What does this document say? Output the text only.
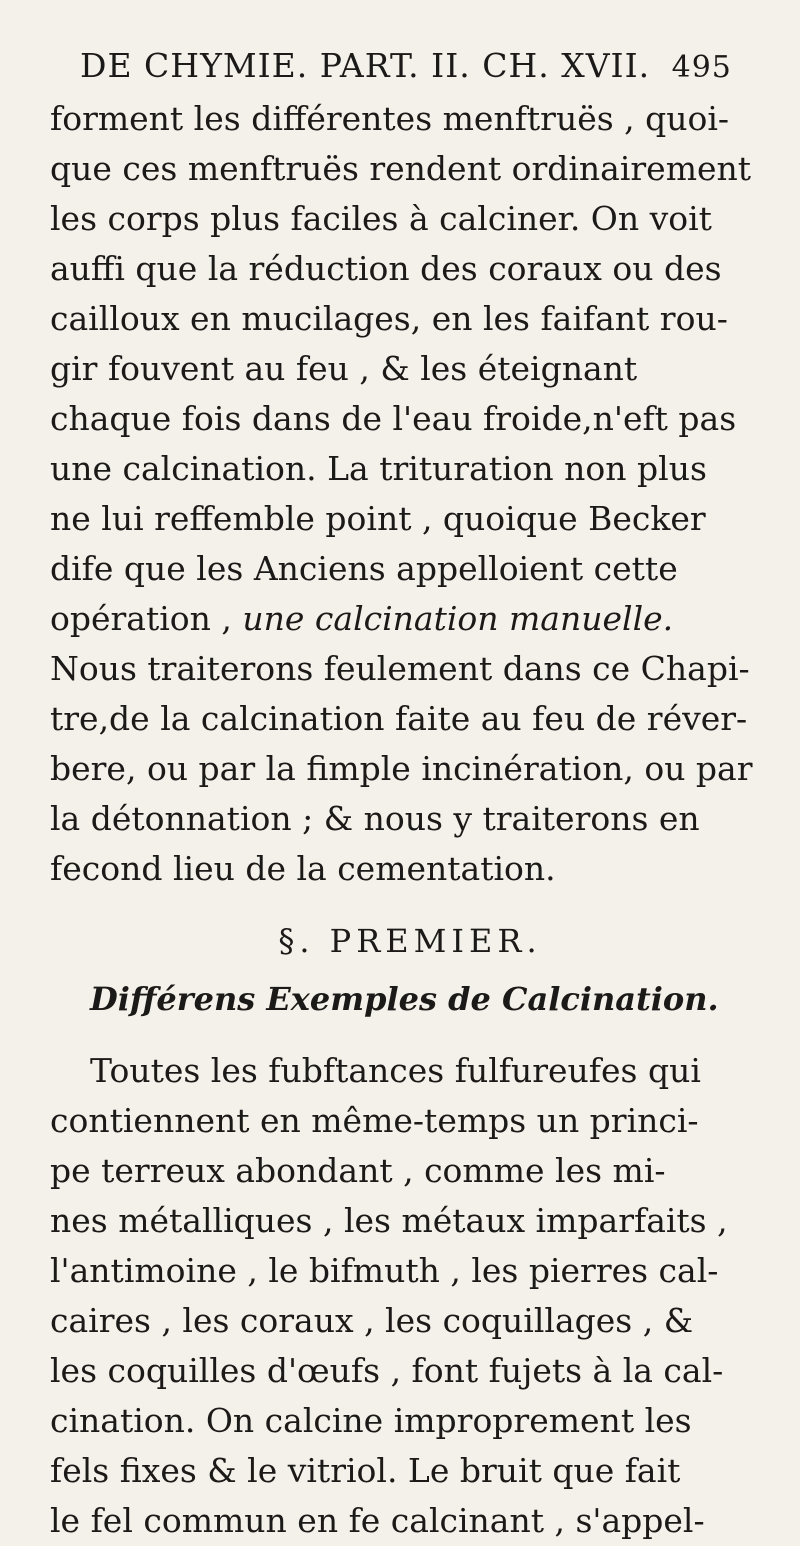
DE CHYMIE. PART. II. CH. XVII. 495
forment les différentes menftruës , quoi-
que ces menftruës rendent ordinairement
les corps plus faciles à calciner. On voit
auffi que la réduction des coraux ou des
cailloux en mucilages, en les faifant rou-
gir fouvent au feu , & les éteignant
chaque fois dans de l'eau froide,n'eft pas
une calcination. La trituration non plus
ne lui reffemble point , quoique Becker
dife que les Anciens appelloient cette
opération , une calcination manuelle.
Nous traiterons feulement dans ce Chapi-
tre,de la calcination faite au feu de réver-
bere, ou par la fimple incinération, ou par
la détonnation ; & nous y traiterons en
fecond lieu de la cementation.
§. PREMIER.
Différens Exemples de Calcination.
Toutes les fubftances fulfureufes qui
contiennent en même-temps un princi-
pe terreux abondant , comme les mi-
nes métalliques , les métaux imparfaits ,
l'antimoine , le bifmuth , les pierres cal-
caires , les coraux , les coquillages , &
les coquilles d'œufs , font fujets à la cal-
cination. On calcine improprement les
fels fixes & le vitriol. Le bruit que fait
le fel commun en fe calcinant , s'appel-
